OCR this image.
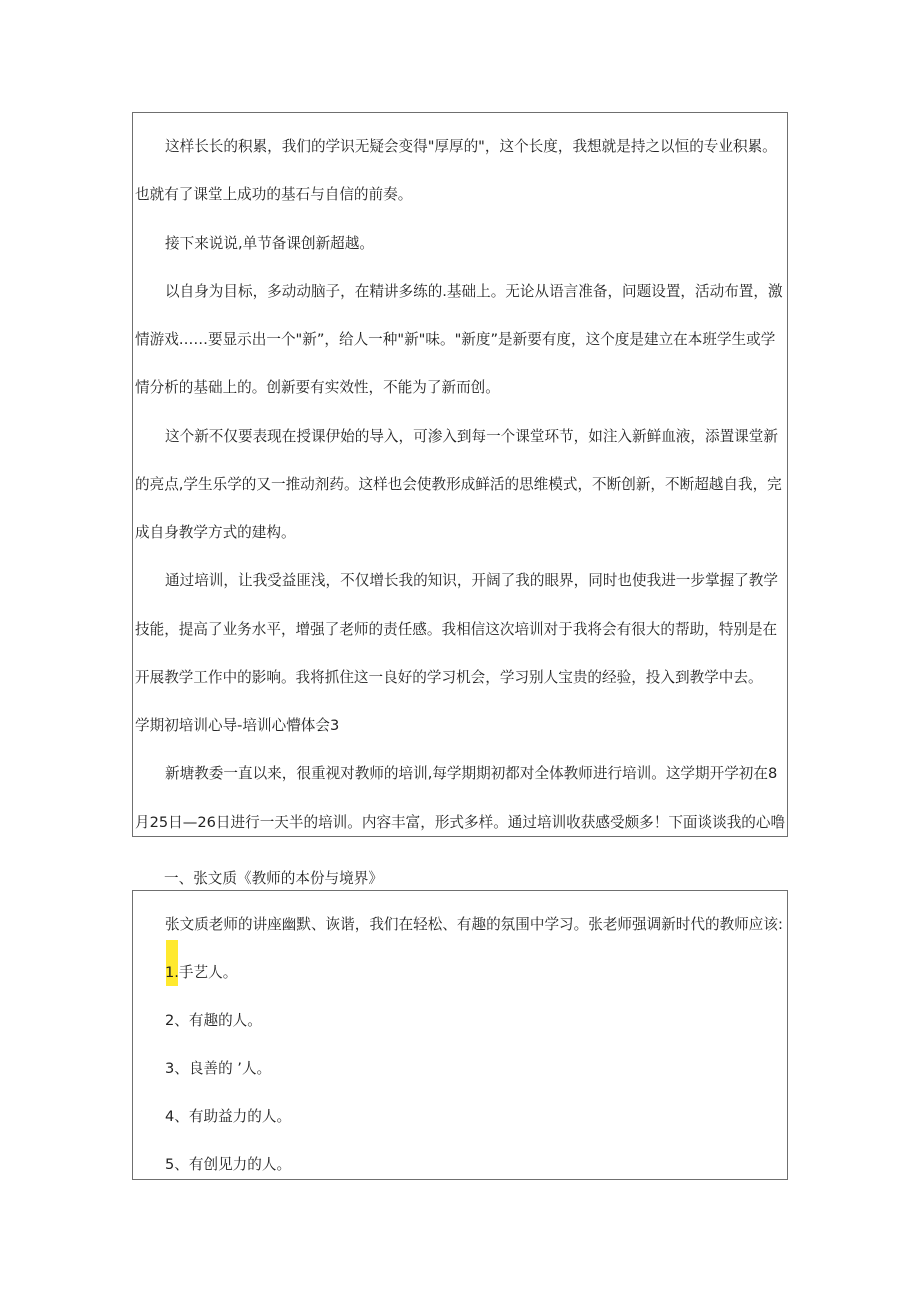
这样长长的积累，我们的学识无疑会变得"厚厚的"，这个长度，我想就是持之以恒的专业积累。
也就有了课堂上成功的基石与自信的前奏。
接下来说说,单节备课创新超越。
以自身为目标，多动动脑子，在精讲多练的.基础上。无论从语言准备，问题设置，活动布置，激
情游戏……要显示出一个"新”，给人一种"新"味。"新度”是新要有度，这个度是建立在本班学生或学
情分析的基础上的。创新要有实效性，不能为了新而创。
这个新不仅要表现在授课伊始的导入，可渗入到每一个课堂环节，如注入新鲜血液，添置课堂新
的亮点,学生乐学的又一推动剂药。这样也会使教形成鲜活的思维模式，不断创新，不断超越自我，完
成自身教学方式的建构。
通过培训，让我受益匪浅，不仅增长我的知识，开阔了我的眼界，同时也使我进一步掌握了教学
技能，提高了业务水平，增强了老师的责任感。我相信这次培训对于我将会有很大的帮助，特别是在
开展教学工作中的影响。我将抓住这一良好的学习机会，学习别人宝贵的经验，投入到教学中去。
学期初培训心导-培训心懵体会3
新塘教委一直以来，很重视对教师的培训,每学期期初都对全体教师进行培训。这学期开学初在8
月25日—26日进行一天半的培训。内容丰富，形式多样。通过培训收获感受颇多！下面谈谈我的心噜
一、张文质《教师的本份与境界》
张文质老师的讲座幽默、诙谐，我们在轻松、有趣的氛围中学习。张老师强调新时代的教师应该:
1.手艺人。
2、有趣的人。
3、良善的 ’人。
4、有助益力的人。
5、有创见力的人。
